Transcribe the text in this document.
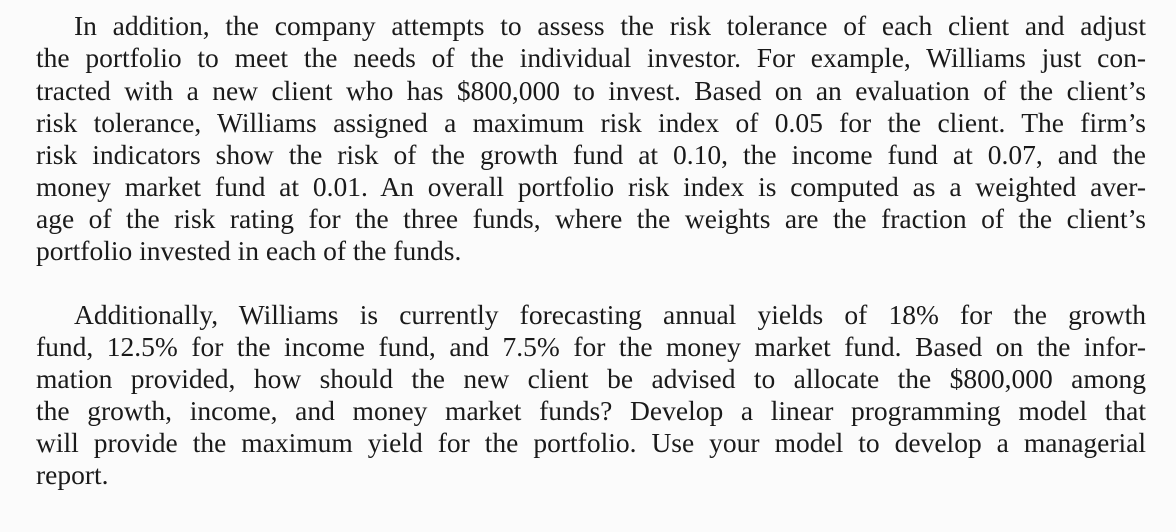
In addition, the company attempts to assess the risk tolerance of each client and adjust
the portfolio to meet the needs of the individual investor. For example, Williams just con-
tracted with a new client who has $800,000 to invest. Based on an evaluation of the client’s
risk tolerance, Williams assigned a maximum risk index of 0.05 for the client. The firm’s
risk indicators show the risk of the growth fund at 0.10, the income fund at 0.07, and the
money market fund at 0.01. An overall portfolio risk index is computed as a weighted aver-
age of the risk rating for the three funds, where the weights are the fraction of the client’s
portfolio invested in each of the funds.
Additionally, Williams is currently forecasting annual yields of 18% for the growth
fund, 12.5% for the income fund, and 7.5% for the money market fund. Based on the infor-
mation provided, how should the new client be advised to allocate the $800,000 among
the growth, income, and money market funds? Develop a linear programming model that
will provide the maximum yield for the portfolio. Use your model to develop a managerial
report.
